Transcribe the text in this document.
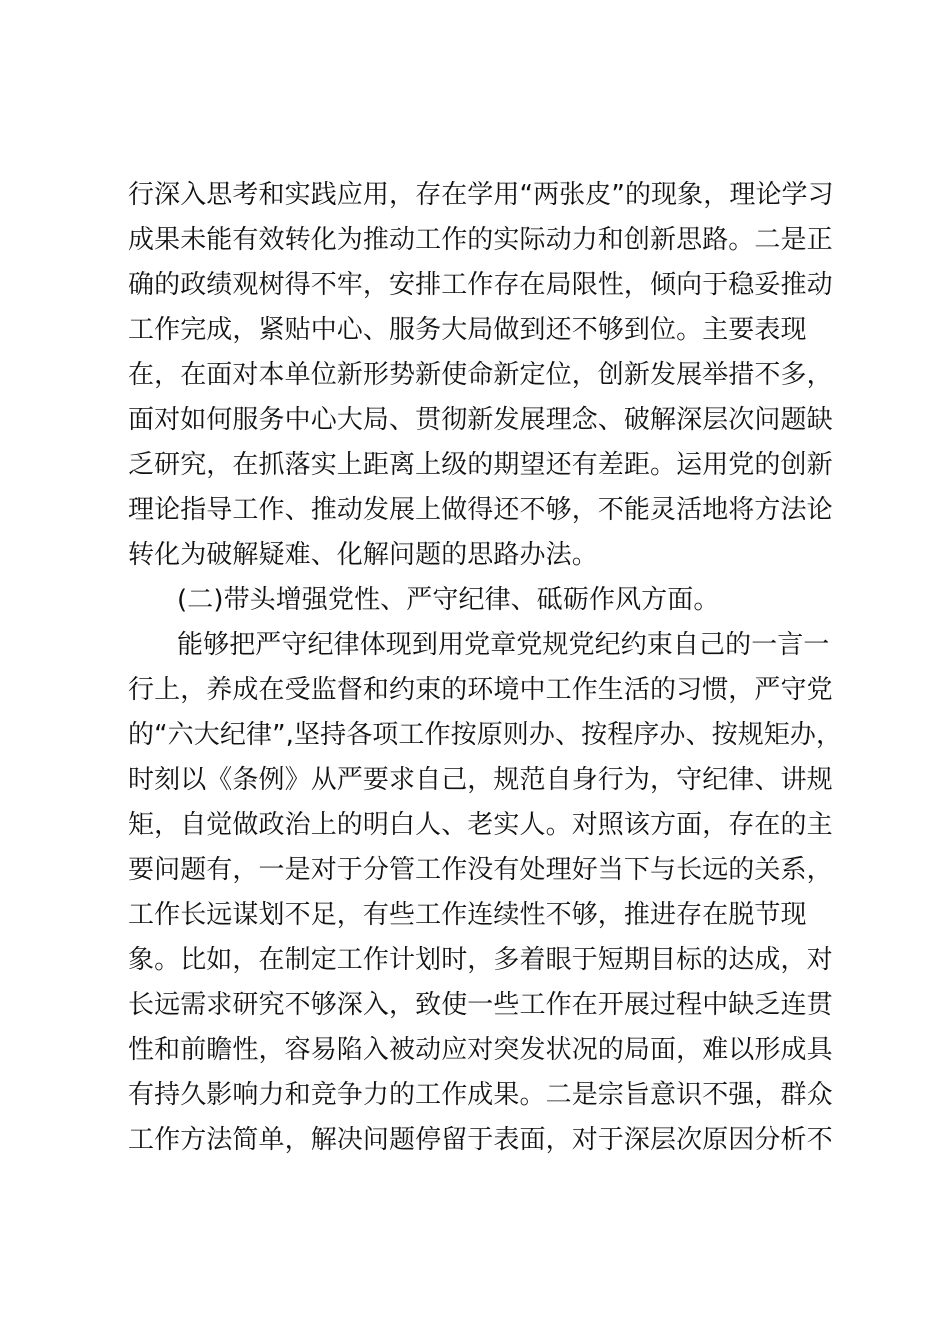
行深入思考和实践应用，存在学用“两张皮”的现象，理论学习
成果未能有效转化为推动工作的实际动力和创新思路。二是正
确的政绩观树得不牢，安排工作存在局限性，倾向于稳妥推动
工作完成，紧贴中心、服务大局做到还不够到位。主要表现
在，在面对本单位新形势新使命新定位，创新发展举措不多，
面对如何服务中心大局、贯彻新发展理念、破解深层次问题缺
乏研究，在抓落实上距离上级的期望还有差距。运用党的创新
理论指导工作、推动发展上做得还不够，不能灵活地将方法论
转化为破解疑难、化解问题的思路办法。
(二)带头增强党性、严守纪律、砥砺作风方面。
能够把严守纪律体现到用党章党规党纪约束自己的一言一
行上，养成在受监督和约束的环境中工作生活的习惯，严守党
的“六大纪律”,坚持各项工作按原则办、按程序办、按规矩办，
时刻以《条例》从严要求自己，规范自身行为，守纪律、讲规
矩，自觉做政治上的明白人、老实人。对照该方面，存在的主
要问题有，一是对于分管工作没有处理好当下与长远的关系，
工作长远谋划不足，有些工作连续性不够，推进存在脱节现
象。比如，在制定工作计划时，多着眼于短期目标的达成，对
长远需求研究不够深入，致使一些工作在开展过程中缺乏连贯
性和前瞻性，容易陷入被动应对突发状况的局面，难以形成具
有持久影响力和竞争力的工作成果。二是宗旨意识不强，群众
工作方法简单，解决问题停留于表面，对于深层次原因分析不
